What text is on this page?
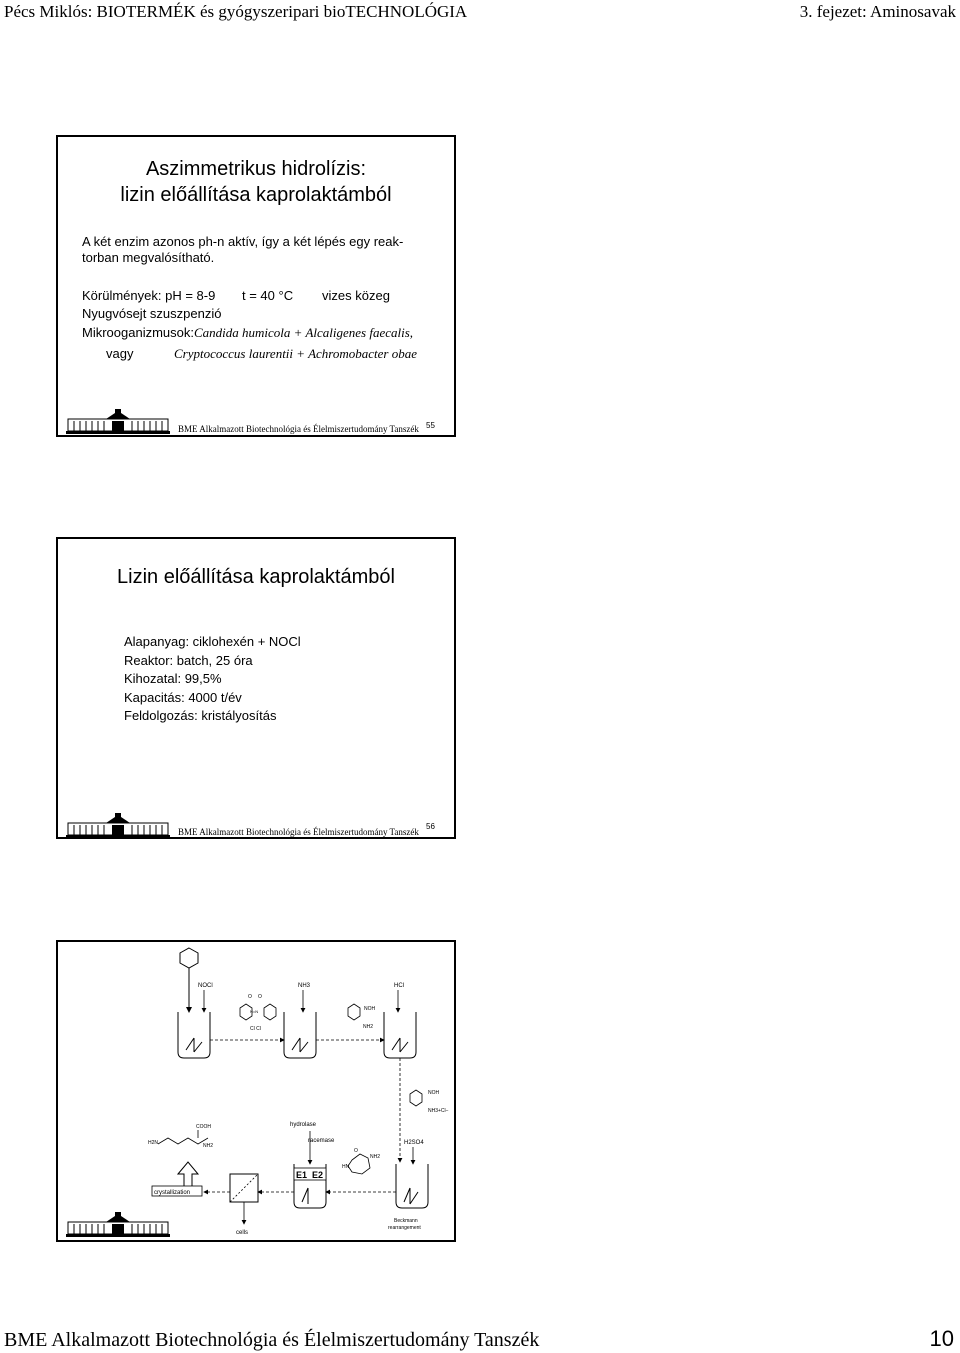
Pécs Miklós: BIOTERMÉK és gyógyszeripari bioTECHNOLÓGIA	3. fejezet: Aminosavak
Aszimmetrikus hidrolízis:
lizin előállítása kaprolaktámból
A két enzim azonos ph-n aktív, így a két lépés egy reak-
torban megvalósítható.
Körülmények: pH = 8-9 t = 40 °C vizes közeg
Nyugvósejt szuszpenzió
Mikrooganizmusok:Candida humicola + Alcaligenes faecalis,
vagy	Cryptococcus laurentii + Achromobacter obae
BME Alkalmazott Biotechnológia és Élelmiszertudomány Tanszék 55
Lizin előállítása kaprolaktámból
Alapanyag: ciklohexén + NOCl
Reaktor: batch, 25 óra
Kihozatal: 99,5%
Kapacitás: 4000 t/év
Feldolgozás: kristályosítás
BME Alkalmazott Biotechnológia és Élelmiszertudomány Tanszék
56
NOCl	NH3	HCl
O O
N=N
Cl Cl
NOH
NH2
NOH
NH3+Cl−
COOH
H2N	NH2
hydrolase
racemase	H2SO4
O
HN
NH2
crystallization
cells
E1 E2
Beckmann
rearrangement
BME Alkalmazott Biotechnológia és Élelmiszertudomány Tanszék	10
